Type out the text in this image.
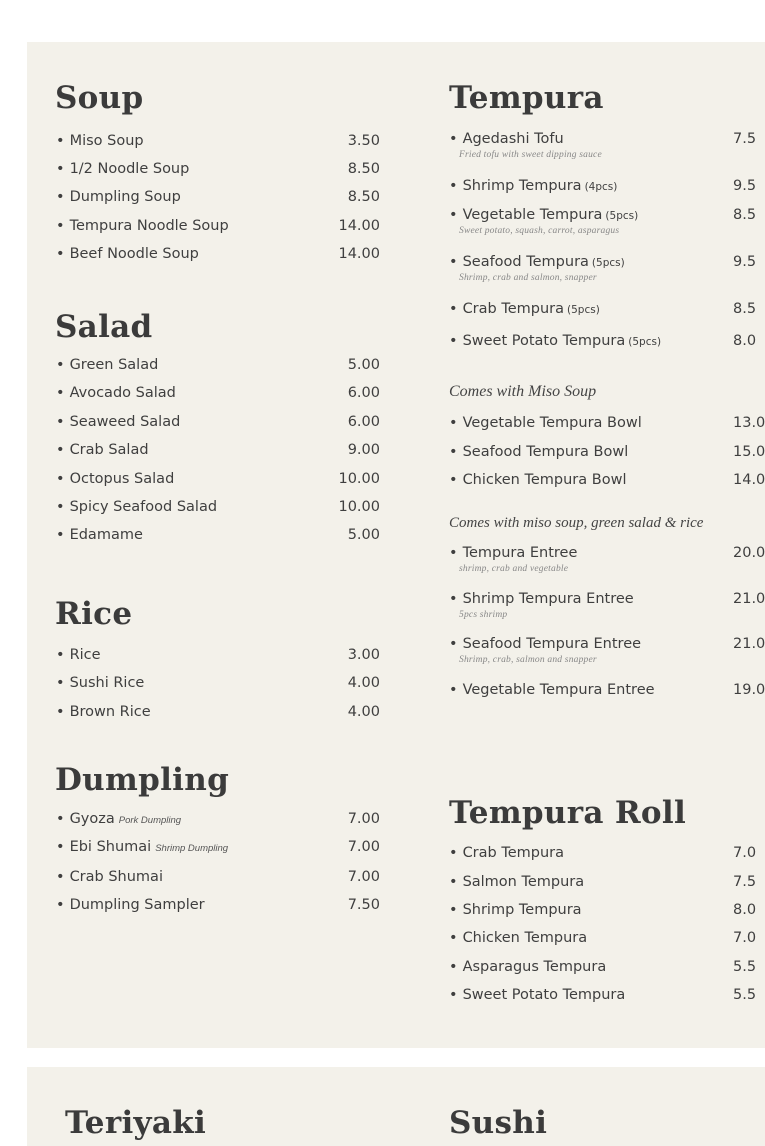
Soup
• Miso Soup	3.50
• 1/2 Noodle Soup	8.50
• Dumpling Soup	8.50
• Tempura Noodle Soup	14.00
• Beef Noodle Soup	14.00
Salad
• Green Salad	5.00
• Avocado Salad	6.00
• Seaweed Salad	6.00
• Crab Salad	9.00
• Octopus Salad	10.00
• Spicy Seafood Salad	10.00
• Edamame	5.00
Rice
• Rice	3.00
• Sushi Rice	4.00
• Brown Rice	4.00
Dumpling
• Gyoza Pork Dumpling	7.00
• Ebi Shumai Shrimp Dumpling	7.00
• Crab Shumai	7.00
• Dumpling Sampler	7.50
Tempura
• Agedashi Tofu	7.5
Fried tofu with sweet dipping sauce
• Shrimp Tempura (4pcs)	9.5
• Vegetable Tempura (5pcs)	8.5
Sweet potato, squash, carrot, asparagus
• Seafood Tempura (5pcs)	9.5
Shrimp, crab and salmon, snapper
• Crab Tempura (5pcs)	8.5
• Sweet Potato Tempura (5pcs)	8.0
Comes with Miso Soup
• Vegetable Tempura Bowl	13.0
• Seafood Tempura Bowl	15.0
• Chicken Tempura Bowl	14.0
Comes with miso soup, green salad & rice
• Tempura Entree	20.0
shrimp, crab and vegetable
• Shrimp Tempura Entree	21.0
5pcs shrimp
• Seafood Tempura Entree	21.0
Shrimp, crab, salmon and snapper
• Vegetable Tempura Entree	19.0
Tempura Roll
• Crab Tempura	7.0
• Salmon Tempura	7.5
• Shrimp Tempura	8.0
• Chicken Tempura	7.0
• Asparagus Tempura	5.5
• Sweet Potato Tempura	5.5
Teriyaki	Sushi
